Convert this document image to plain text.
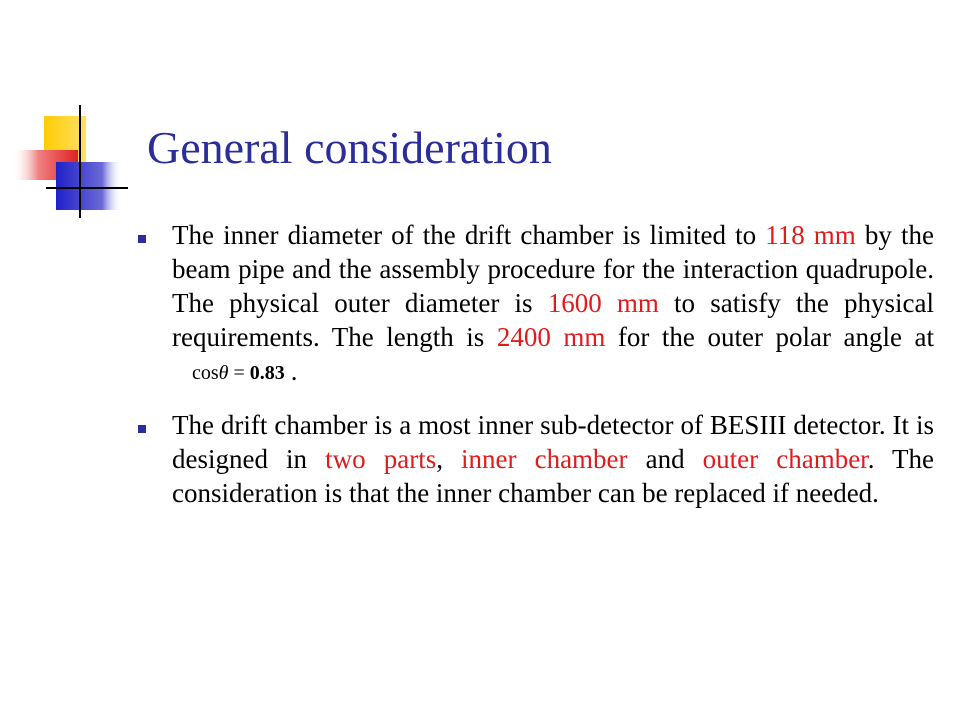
General consideration
The inner diameter of the drift chamber is limited to 118 mm by the beam pipe and the assembly procedure for the interaction quadrupole. The physical outer diameter is 1600 mm to satisfy the physical requirements. The length is 2400 mm for the outer polar angle atcosθ = 0.83 .
The drift chamber is a most inner sub-detector of BESIII detector. It is designed in two parts, inner chamber and outer chamber. The consideration is that the inner chamber can be replaced if needed.
